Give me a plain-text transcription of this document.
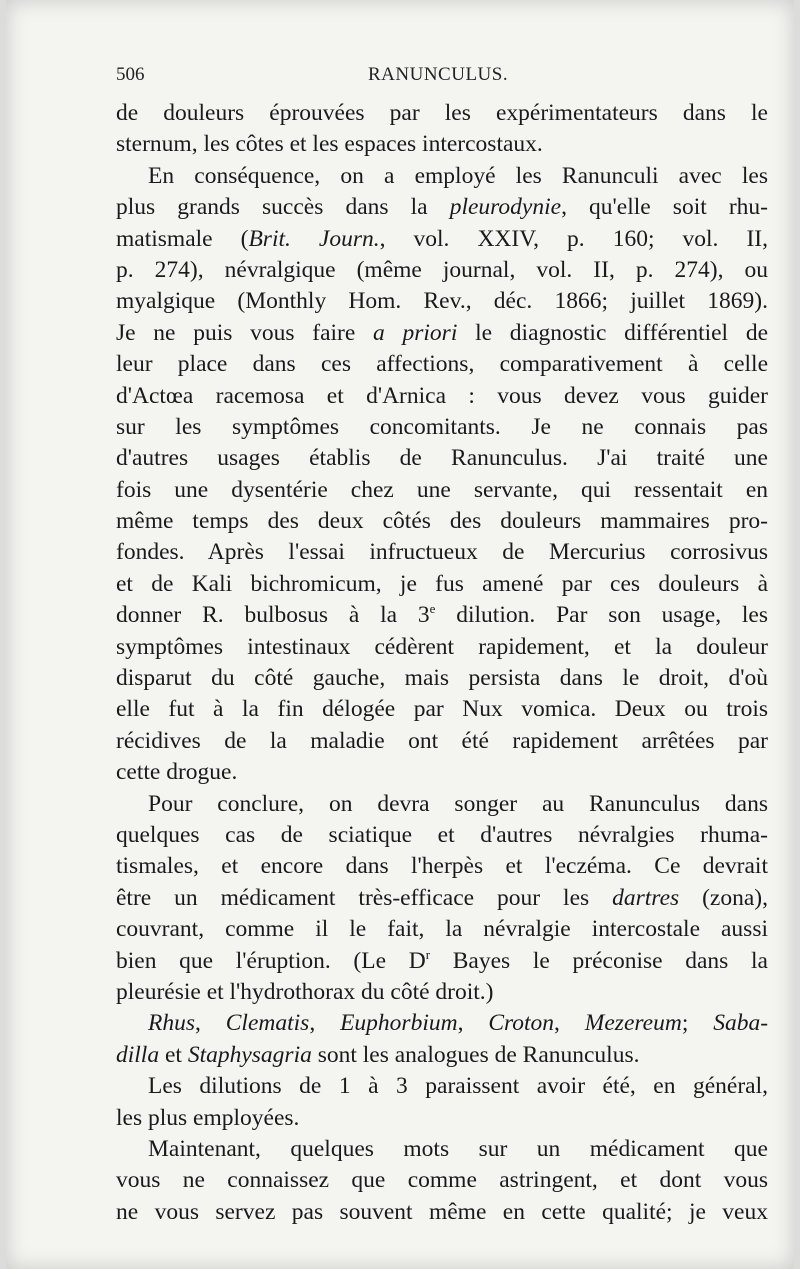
506	RANUNCULUS.
de douleurs éprouvées par les expérimentateurs dans le
sternum, les côtes et les espaces intercostaux.
En conséquence, on a employé les Ranunculi avec les
plus grands succès dans la pleurodynie, qu'elle soit rhu-
matismale (Brit. Journ., vol. XXIV, p. 160; vol. II,
p. 274), névralgique (même journal, vol. II, p. 274), ou
myalgique (Monthly Hom. Rev., déc. 1866; juillet 1869).
Je ne puis vous faire a priori le diagnostic différentiel de
leur place dans ces affections, comparativement à celle
d'Actœa racemosa et d'Arnica : vous devez vous guider
sur les symptômes concomitants. Je ne connais pas
d'autres usages établis de Ranunculus. J'ai traité une
fois une dysentérie chez une servante, qui ressentait en
même temps des deux côtés des douleurs mammaires pro-
fondes. Après l'essai infructueux de Mercurius corrosivus
et de Kali bichromicum, je fus amené par ces douleurs à
donner R. bulbosus à la 3e dilution. Par son usage, les
symptômes intestinaux cédèrent rapidement, et la douleur
disparut du côté gauche, mais persista dans le droit, d'où
elle fut à la fin délogée par Nux vomica. Deux ou trois
récidives de la maladie ont été rapidement arrêtées par
cette drogue.
Pour conclure, on devra songer au Ranunculus dans
quelques cas de sciatique et d'autres névralgies rhuma-
tismales, et encore dans l'herpès et l'eczéma. Ce devrait
être un médicament très-efficace pour les dartres (zona),
couvrant, comme il le fait, la névralgie intercostale aussi
bien que l'éruption. (Le $D^r$ Bayes le préconise dans la
pleurésie et l'hydrothorax du côté droit.)
Rhus, Clematis, Euphorbium, Croton, Mezereum; Saba-
dilla et Staphysagria sont les analogues de Ranunculus.
Les dilutions de 1 à 3 paraissent avoir été, en général,
les plus employées.
Maintenant, quelques mots sur un médicament que
vous ne connaissez que comme astringent, et dont vous
ne vous servez pas souvent même en cette qualité; je veux
